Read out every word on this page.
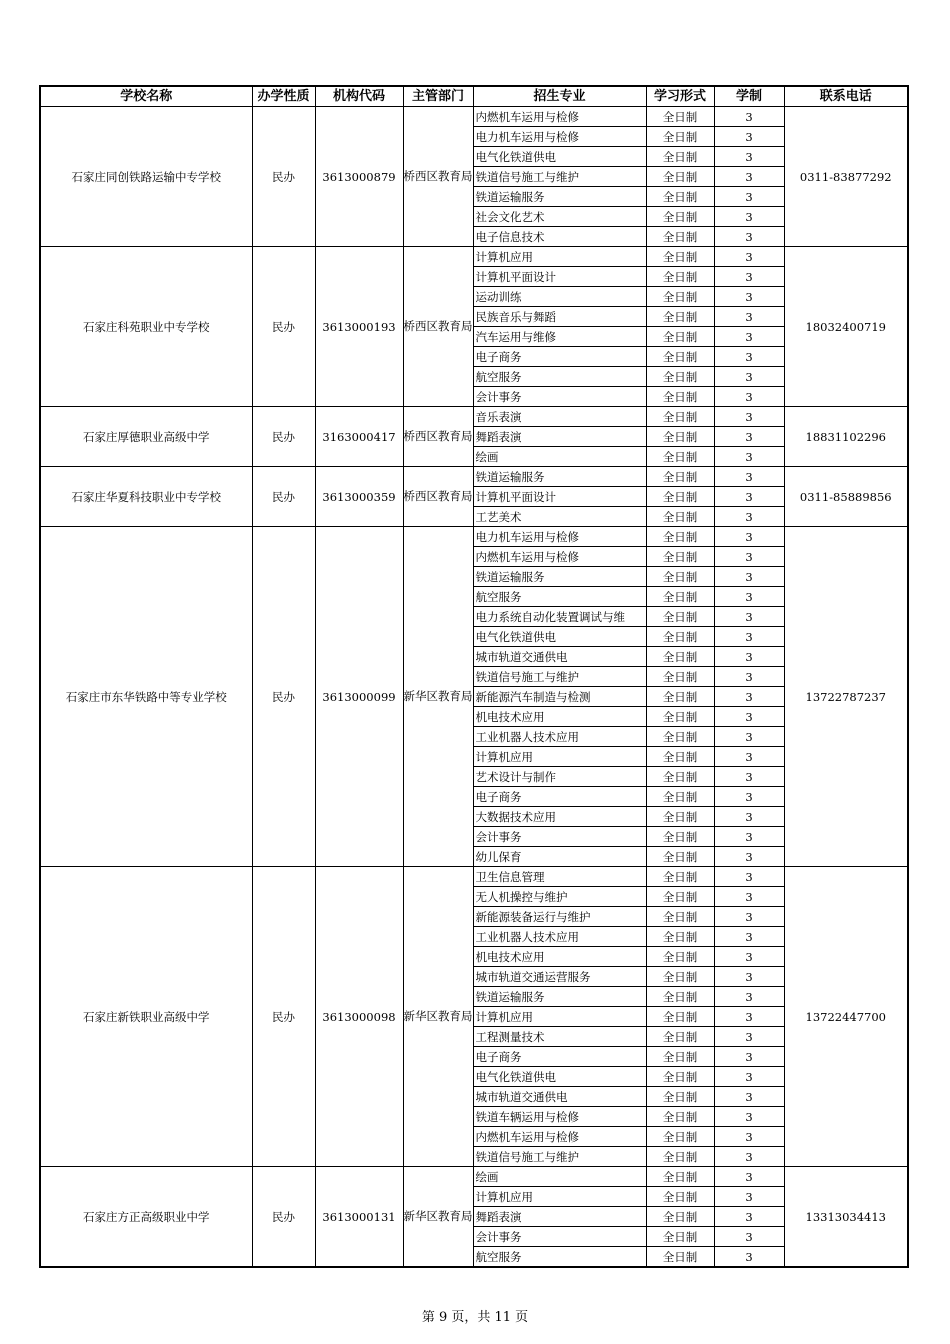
学校名称	办学性质	机构代码	主管部门	招生专业	学习形式	学制	联系电话
石家庄同创铁路运输中专学校	民办	3613000879	桥西区教育局	内燃机车运用与检修	全日制	3	0311-83877292
				电力机车运用与检修	全日制	3	
				电气化铁道供电	全日制	3	
				铁道信号施工与维护	全日制	3	
				铁道运输服务	全日制	3	
				社会文化艺术	全日制	3	
				电子信息技术	全日制	3	
石家庄科苑职业中专学校	民办	3613000193	桥西区教育局	计算机应用	全日制	3	18032400719
				计算机平面设计	全日制	3	
				运动训练	全日制	3	
				民族音乐与舞蹈	全日制	3	
				汽车运用与维修	全日制	3	
				电子商务	全日制	3	
				航空服务	全日制	3	
				会计事务	全日制	3	
石家庄厚德职业高级中学	民办	3163000417	桥西区教育局	音乐表演	全日制	3	18831102296
				舞蹈表演	全日制	3	
				绘画	全日制	3	
石家庄华夏科技职业中专学校	民办	3613000359	桥西区教育局	铁道运输服务	全日制	3	0311-85889856
				计算机平面设计	全日制	3	
				工艺美术	全日制	3	
石家庄市东华铁路中等专业学校	民办	3613000099	新华区教育局	电力机车运用与检修	全日制	3	13722787237
				内燃机车运用与检修	全日制	3	
				铁道运输服务	全日制	3	
				航空服务	全日制	3	
				电力系统自动化装置调试与维	全日制	3	
				电气化铁道供电	全日制	3	
				城市轨道交通供电	全日制	3	
				铁道信号施工与维护	全日制	3	
				新能源汽车制造与检测	全日制	3	
				机电技术应用	全日制	3	
				工业机器人技术应用	全日制	3	
				计算机应用	全日制	3	
				艺术设计与制作	全日制	3	
				电子商务	全日制	3	
				大数据技术应用	全日制	3	
				会计事务	全日制	3	
				幼儿保育	全日制	3	
石家庄新铁职业高级中学	民办	3613000098	新华区教育局	卫生信息管理	全日制	3	13722447700
				无人机操控与维护	全日制	3	
				新能源装备运行与维护	全日制	3	
				工业机器人技术应用	全日制	3	
				机电技术应用	全日制	3	
				城市轨道交通运营服务	全日制	3	
				铁道运输服务	全日制	3	
				计算机应用	全日制	3	
				工程测量技术	全日制	3	
				电子商务	全日制	3	
				电气化铁道供电	全日制	3	
				城市轨道交通供电	全日制	3	
				铁道车辆运用与检修	全日制	3	
				内燃机车运用与检修	全日制	3	
				铁道信号施工与维护	全日制	3	
石家庄方正高级职业中学	民办	3613000131	新华区教育局	绘画	全日制	3	13313034413
				计算机应用	全日制	3	
				舞蹈表演	全日制	3	
				会计事务	全日制	3	
				航空服务	全日制	3	
第 9 页，共 11 页
